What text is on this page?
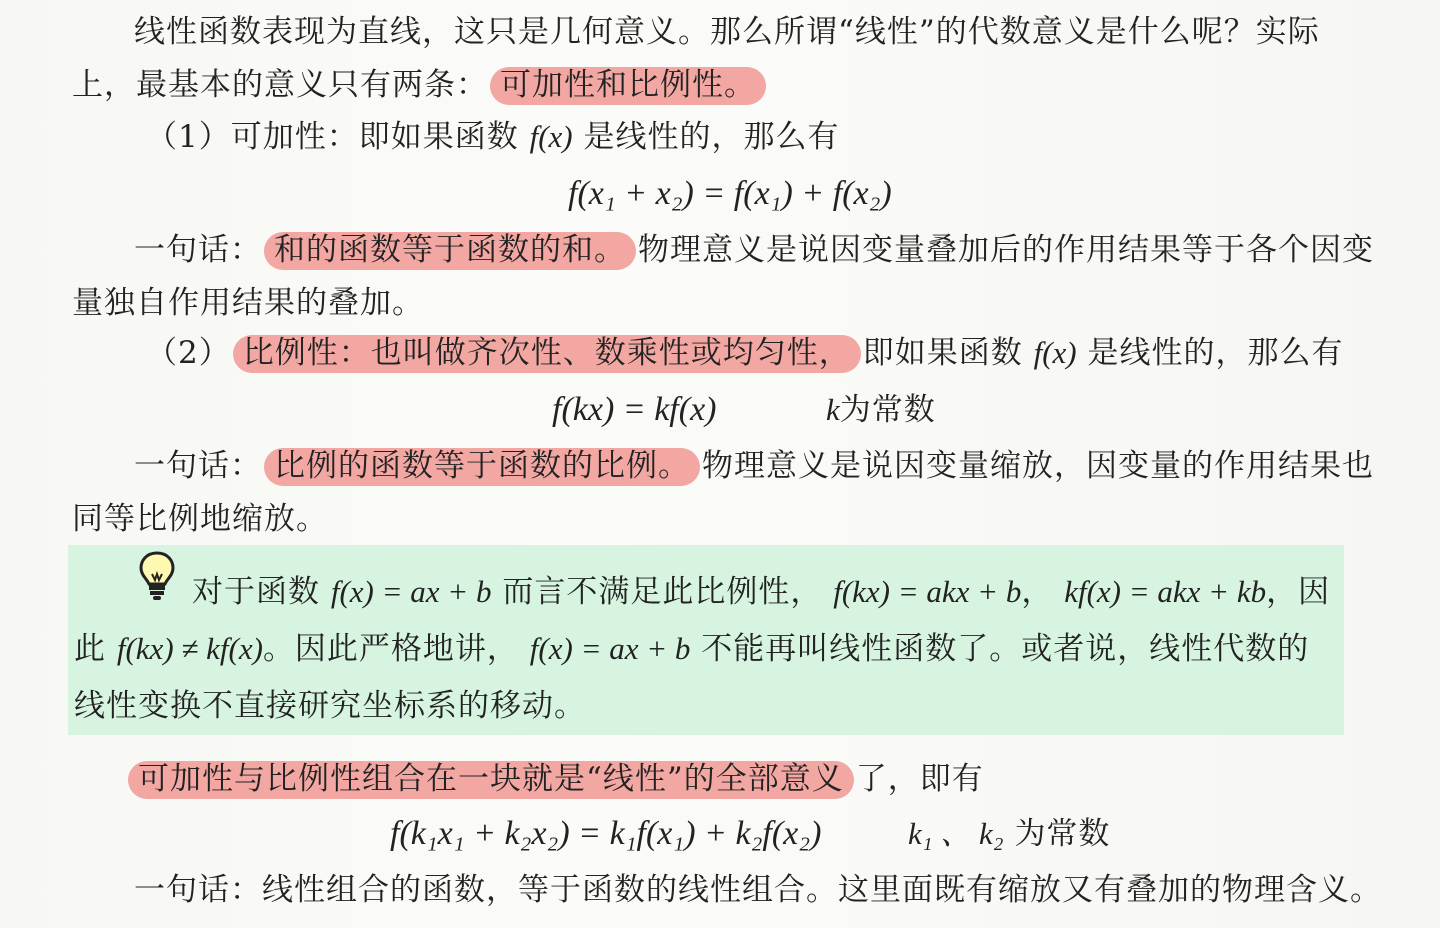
线性函数表现为直线，这只是几何意义。那么所谓“线性”的代数意义是什么呢？实际
上，最基本的意义只有两条： 可加性和比例性。
（1）可加性：即如果函数 f(x) 是线性的，那么有
f(x₁ + x₂) = f(x₁) + f(x₂)
一句话： 和的函数等于函数的和。 物理意义是说因变量叠加后的作用结果等于各个因变
量独自作用结果的叠加。
（2） 比例性：也叫做齐次性、数乘性或均匀性， 即如果函数 f(x) 是线性的，那么有
f(kx) = kf(x)	k为常数
一句话： 比例的函数等于函数的比例。 物理意义是说因变量缩放，因变量的作用结果也
同等比例地缩放。
对于函数 f(x) = ax + b 而言不满足此比例性， f(kx) = akx + b， kf(x) = akx + kb，因
此 f(kx) ≠ kf(x)。因此严格地讲， f(x) = ax + b 不能再叫线性函数了。或者说，线性代数的
线性变换不直接研究坐标系的移动。
可加性与比例性组合在一块就是“线性”的全部意义 了，即有
f(k₁x₁ + k₂x₂) = k₁f(x₁) + k₂f(x₂)	k₁ 、 k₂ 为常数
一句话：线性组合的函数，等于函数的线性组合。这里面既有缩放又有叠加的物理含义。
